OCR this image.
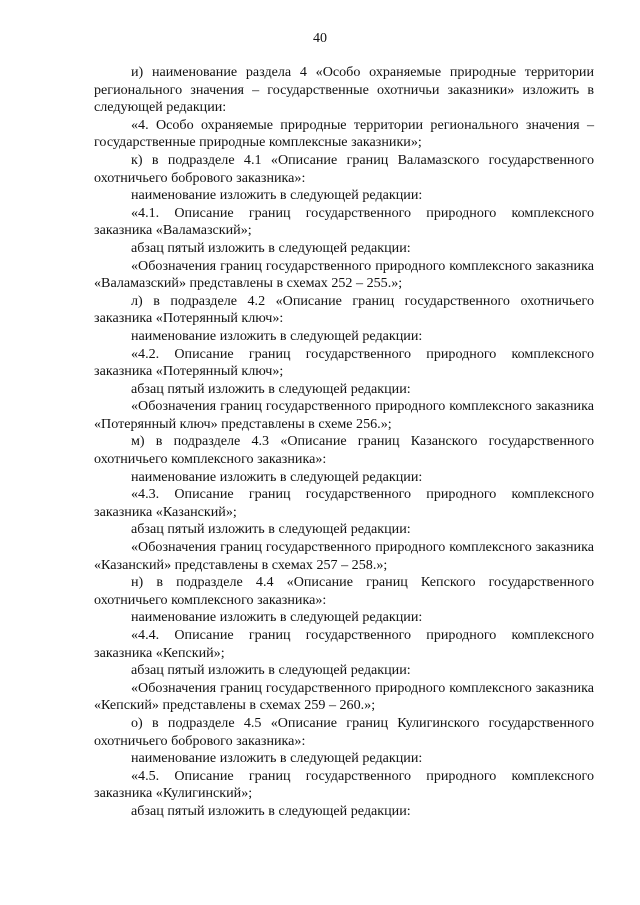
40

и) наименование раздела 4 «Особо охраняемые природные территории регионального значения – государственные охотничьи заказники» изложить в следующей редакции:

«4. Особо охраняемые природные территории регионального значения – государственные природные комплексные заказники»;

к) в подразделе 4.1 «Описание границ Валамазского государственного охотничьего бобрового заказника»:

наименование изложить в следующей редакции:

«4.1. Описание границ государственного природного комплексного заказника «Валамазский»;

абзац пятый изложить в следующей редакции:

«Обозначения границ государственного природного комплексного заказника «Валамазский» представлены в схемах 252 – 255.»;

л) в подразделе 4.2 «Описание границ государственного охотничьего заказника «Потерянный ключ»:

наименование изложить в следующей редакции:

«4.2. Описание границ государственного природного комплексного заказника «Потерянный ключ»;

абзац пятый изложить в следующей редакции:

«Обозначения границ государственного природного комплексного заказника «Потерянный ключ» представлены в схеме 256.»;

м) в подразделе 4.3 «Описание границ Казанского государственного охотничьего комплексного заказника»:

наименование изложить в следующей редакции:

«4.3. Описание границ государственного природного комплексного заказника «Казанский»;

абзац пятый изложить в следующей редакции:

«Обозначения границ государственного природного комплексного заказника «Казанский» представлены в схемах 257 – 258.»;

н) в подразделе 4.4 «Описание границ Кепского государственного охотничьего комплексного заказника»:

наименование изложить в следующей редакции:

«4.4. Описание границ государственного природного комплексного заказника «Кепский»;

абзац пятый изложить в следующей редакции:

«Обозначения границ государственного природного комплексного заказника «Кепский» представлены в схемах 259 – 260.»;

о) в подразделе 4.5 «Описание границ Кулигинского государственного охотничьего бобрового заказника»:

наименование изложить в следующей редакции:

«4.5. Описание границ государственного природного комплексного заказника «Кулигинский»;

абзац пятый изложить в следующей редакции:
